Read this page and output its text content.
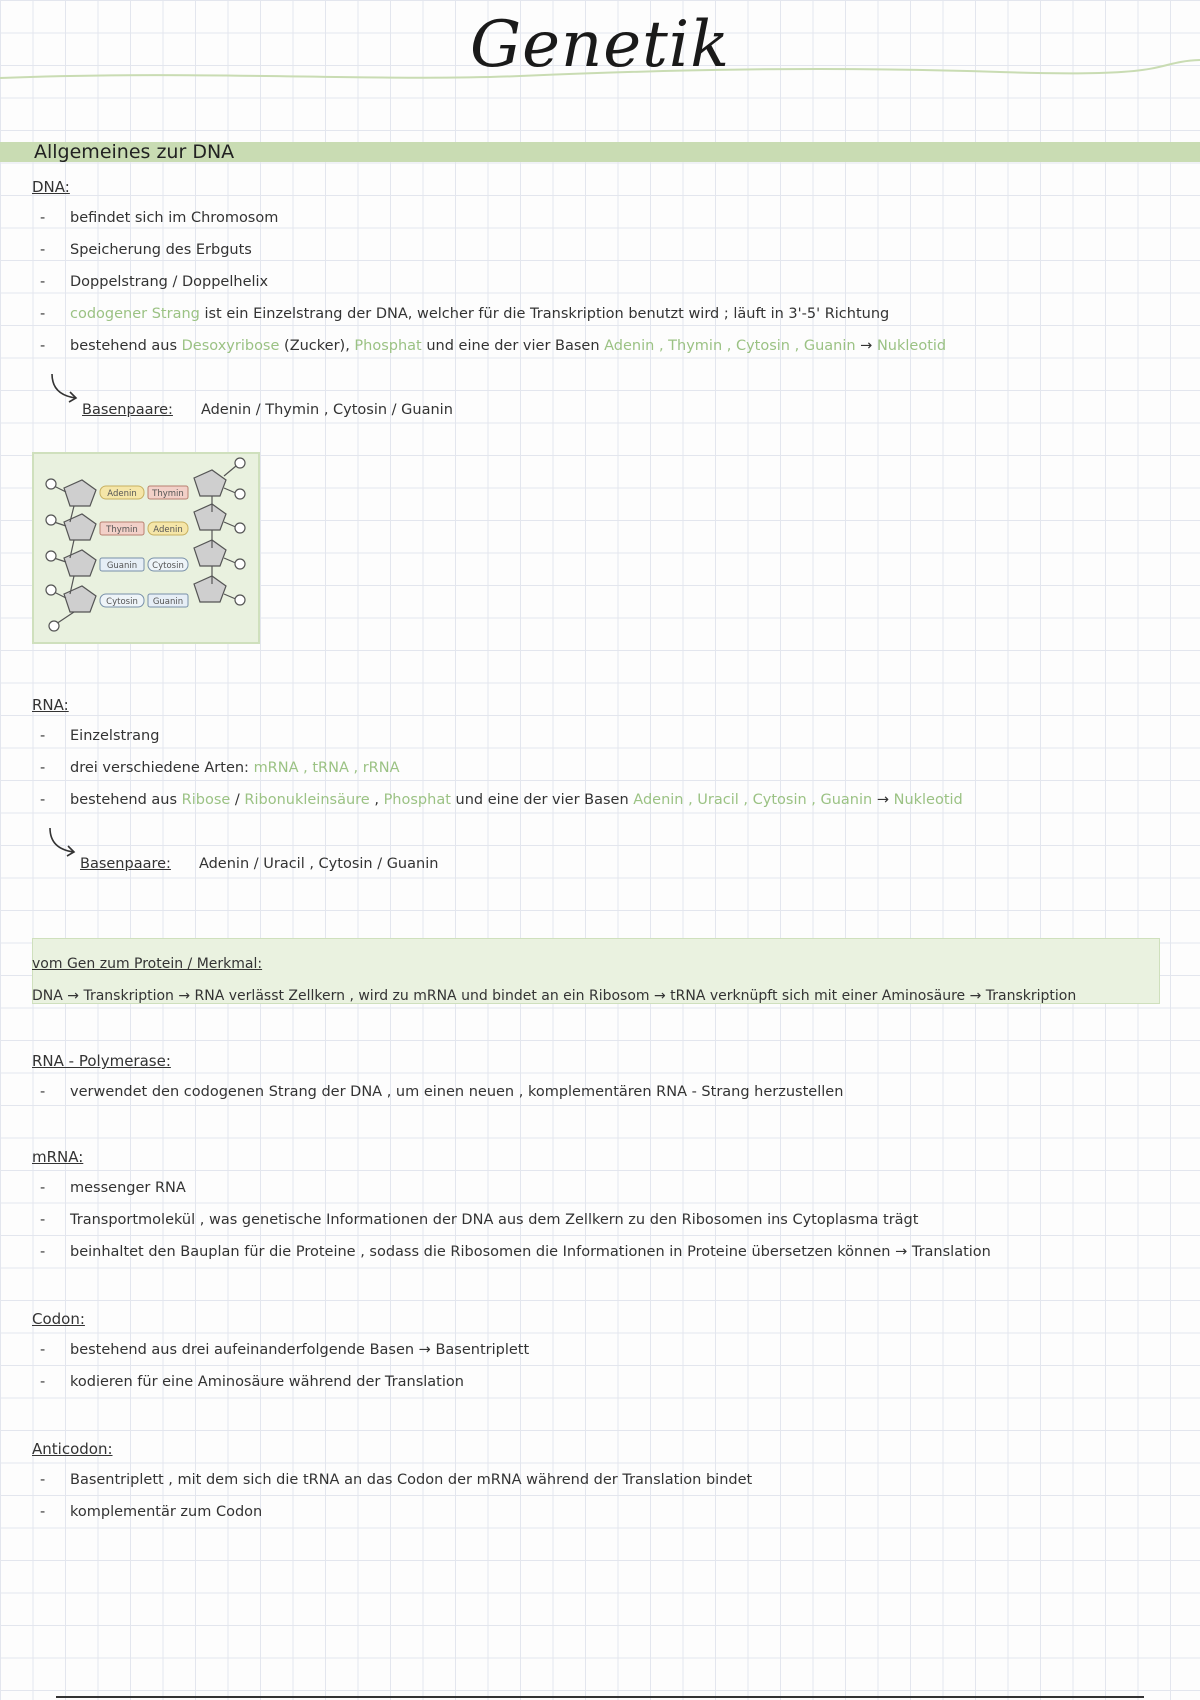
Genetik
Allgemeines zur DNA
DNA:
- befindet sich im Chromosom
- Speicherung des Erbguts
- Doppelstrang / Doppelhelix
- codogener Strang ist ein Einzelstrang der DNA, welcher für die Transkription benutzt wird ; läuft in 3'-5' Richtung
- bestehend aus Desoxyribose (Zucker), Phosphat und eine der vier Basen Adenin , Thymin , Cytosin , Guanin → Nukleotid
Basenpaare: Adenin / Thymin , Cytosin / Guanin
Adenin Thymin
Thymin Adenin
Guanin Cytosin
Cytosin Guanin
RNA:
- Einzelstrang
- drei verschiedene Arten: mRNA , tRNA , rRNA
- bestehend aus Ribose / Ribonukleinsäure , Phosphat und eine der vier Basen Adenin , Uracil , Cytosin , Guanin → Nukleotid
Basenpaare: Adenin / Uracil , Cytosin / Guanin
vom Gen zum Protein / Merkmal:
DNA → Transkription → RNA verlässt Zellkern , wird zu mRNA und bindet an ein Ribosom → tRNA verknüpft sich mit einer Aminosäure → Transkription
RNA - Polymerase:
- verwendet den codogenen Strang der DNA , um einen neuen , komplementären RNA - Strang herzustellen
mRNA:
- messenger RNA
- Transportmolekül , was genetische Informationen der DNA aus dem Zellkern zu den Ribosomen ins Cytoplasma trägt
- beinhaltet den Bauplan für die Proteine , sodass die Ribosomen die Informationen in Proteine übersetzen können → Translation
Codon:
- bestehend aus drei aufeinanderfolgende Basen → Basentriplett
- kodieren für eine Aminosäure während der Translation
Anticodon:
- Basentriplett , mit dem sich die tRNA an das Codon der mRNA während der Translation bindet
- komplementär zum Codon
